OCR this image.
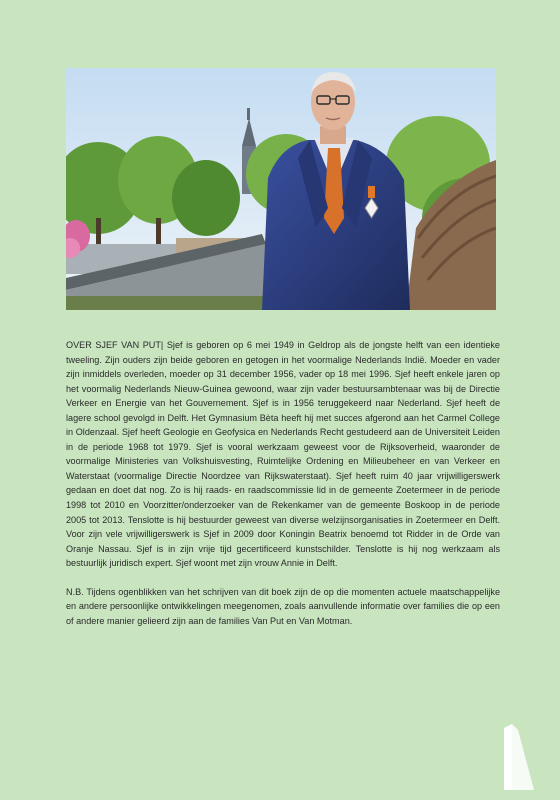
OVER SJEF VAN PUT| Sjef is geboren op 6 mei 1949 in Geldrop als de jongste helft van een identieke tweeling. Zijn ouders zijn beide geboren en getogen in het voormalige Nederlands Indië. Moeder en vader zijn inmiddels overleden, moeder op 31 december 1956, vader op 18 mei 1996. Sjef heeft enkele jaren op het voormalig Nederlands Nieuw-Guinea gewoond, waar zijn vader bestuursambtenaar was bij de Directie Verkeer en Energie van het Gouvernement. Sjef is in 1956 teruggekeerd naar Nederland. Sjef heeft de lagere school gevolgd in Delft. Het Gymnasium Bèta heeft hij met succes afgerond aan het Carmel College in Oldenzaal. Sjef heeft Geologie en Geofysica en Nederlands Recht gestudeerd aan de Universiteit Leiden in de periode 1968 tot 1979. Sjef is vooral werkzaam geweest voor de Rijksoverheid, waaronder de voormalige Ministeries van Volkshuisvesting, Ruimtelijke Ordening en Milieubeheer en van Verkeer en Waterstaat (voormalige Directie Noordzee van Rijkswaterstaat). Sjef heeft ruim 40 jaar vrijwilligerswerk gedaan en doet dat nog. Zo is hij raads- en raadscommissie lid in de gemeente Zoetermeer in de periode 1998 tot 2010 en Voorzitter/onderzoeker van de Rekenkamer van de gemeente Boskoop in de periode 2005 tot 2013. Tenslotte is hij bestuurder geweest van diverse welzijnsorganisaties in Zoetermeer en Delft. Voor zijn vele vrijwilligerswerk is Sjef in 2009 door Koningin Beatrix benoemd tot Ridder in de Orde van Oranje Nassau. Sjef is in zijn vrije tijd gecertificeerd kunstschilder. Tenslotte is hij nog werkzaam als bestuurlijk juridisch expert. Sjef woont met zijn vrouw Annie in Delft.

N.B. Tijdens ogenblikken van het schrijven van dit boek zijn de op die momenten actuele maatschappelijke en andere persoonlijke ontwikkelingen meegenomen, zoals aanvullende informatie over families die op een of andere manier gelieerd zijn aan de families Van Put en Van Motman.
